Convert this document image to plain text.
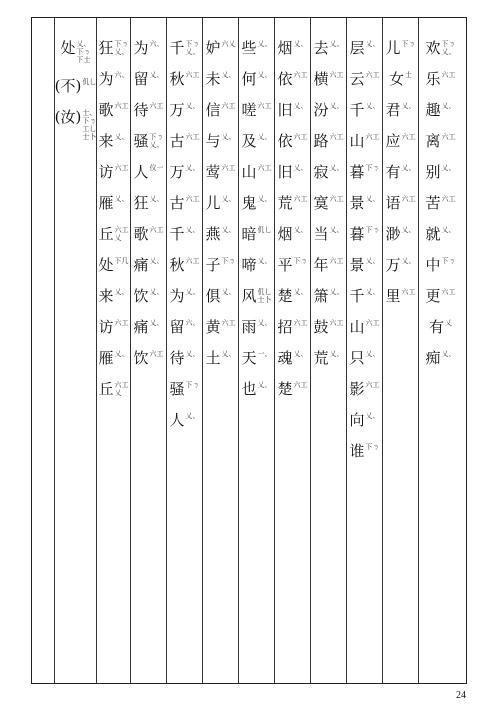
处 乂、
下ㄋ
下士
(不) 仉乚
(汝) 士、
下ㄋ
工乚
士卜
狂 下ㄋ
乂、
为 六、
歌 六工
来 乂、
访 六工
雁 乂、
丘 六工
乂
处 下几
来 乂、
访 六工
雁 乂、
丘 六工
乂
为 六、
留 乂、
待 六工
骚 下ㄋ
乂、
人 仪一
狂 乂、
歌 六工
痛 乂、
饮 乂、
痛 乂、
饮 六工
千 下ㄋ
乂、
秋 六工
万 乂、
古 六工
万 乂、
古 六工
千 乂、
秋 六工
为 乂、
留 六、
待 乂、
骚 下ㄋ
人 乂、
妒 六乂
未 乂、
信 六工
与 乂、
莺 六工
儿 乂、
燕 乂、
子 下ㄋ
俱 乂、
黄 六工
土 乂、
些 乂、
何 乂、
嗟 六工
及 乂、
山 六工
鬼 乂、
暗 仉乚
啼 乂、
风 仉乚
士卜
雨 乂、
天 一、
也 乂、
烟 乂、
依 六工
旧 乂、
依 六工
旧 乂、
荒 六工
烟 乂、
平 下ㄋ
楚 乂、
招 六工
魂 乂、
楚 六工
去 乂、
横 六工
汾 乂、
路 六工
寂 乂、
寞 六工
当 乂、
年 六工
箫 乂、
鼓 六工
荒 乂、
层 乂、
云 六工
千 乂、
山 六工
暮 下ㄋ
景 乂、
暮 下ㄋ
景 乂、
千 乂、
山 六工
只 乂、
影 六工
向 乂、
谁 下ㄋ
儿 下ㄋ
女 士
君 乂、
应 六工
有 乂、
语 六工
渺 乂、
万 乂、
里 六工
欢 下ㄋ
乂、
乐 六工
趣 乂、
离 六工
别 乂、
苦 六工
就 乂、
中 下ㄋ
更 六工
有 乂
痴 乂、
24
